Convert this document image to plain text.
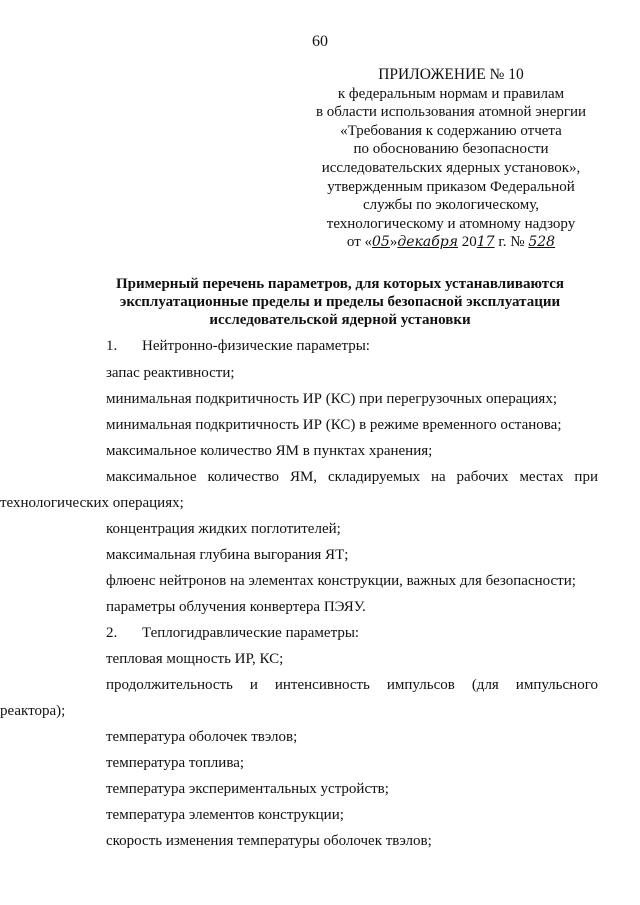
60
ПРИЛОЖЕНИЕ № 10
к федеральным нормам и правилам
в области использования атомной энергии
«Требования к содержанию отчета
по обоснованию безопасности
исследовательских ядерных установок»,
утвержденным приказом Федеральной
службы по экологическому,
технологическому и атомному надзору
от «05»декабря 2017 г. № 528
Примерный перечень параметров, для которых устанавливаются
эксплуатационные пределы и пределы безопасной эксплуатации
исследовательской ядерной установки
1. Нейтронно-физические параметры:
запас реактивности;
минимальная подкритичность ИР (КС) при перегрузочных операциях;
минимальная подкритичность ИР (КС) в режиме временного останова;
максимальное количество ЯМ в пунктах хранения;
максимальное количество ЯМ, складируемых на рабочих местах при
технологических операциях;
концентрация жидких поглотителей;
максимальная глубина выгорания ЯТ;
флюенс нейтронов на элементах конструкции, важных для безопасности;
параметры облучения конвертера ПЭЯУ.
2. Теплогидравлические параметры:
тепловая мощность ИР, КС;
продолжительность и интенсивность импульсов (для импульсного
реактора);
температура оболочек твэлов;
температура топлива;
температура экспериментальных устройств;
температура элементов конструкции;
скорость изменения температуры оболочек твэлов;
